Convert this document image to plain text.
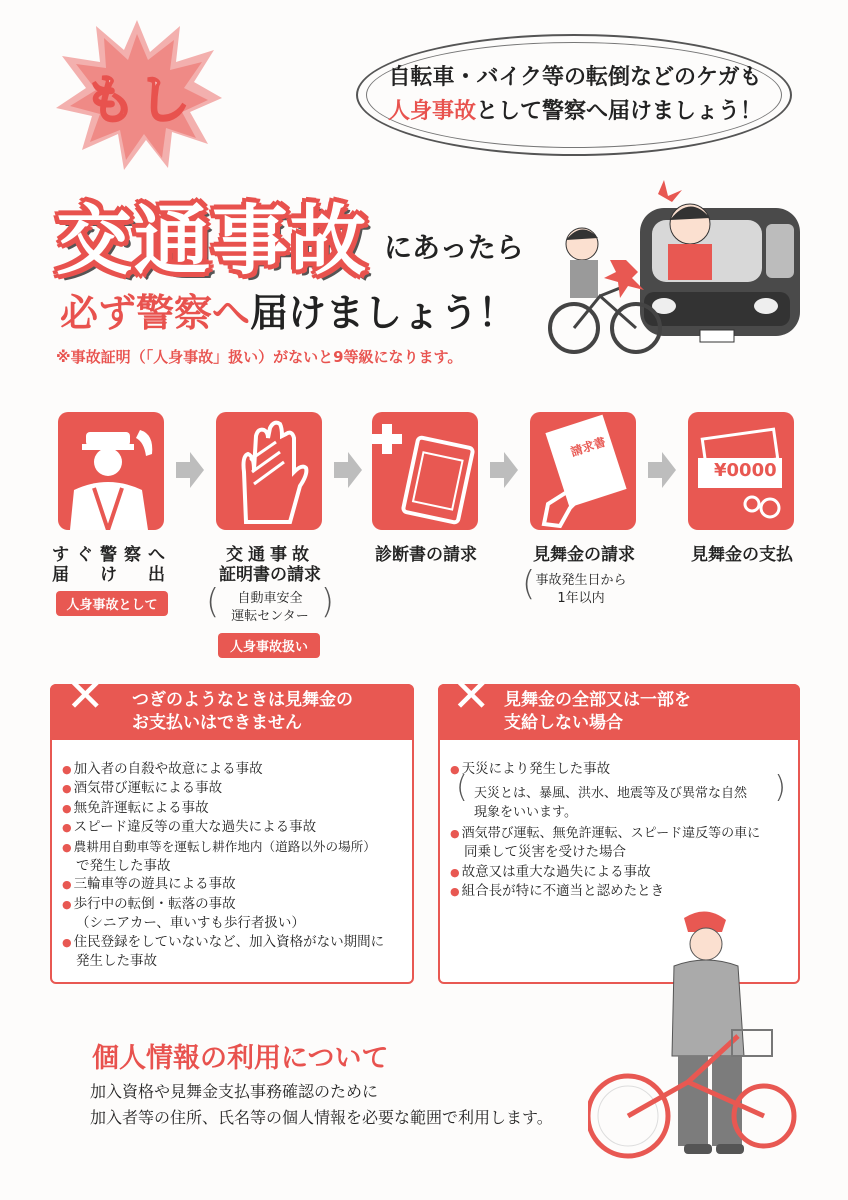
もし	自転車・バイク等の転倒などのケガも
人身事故として警察へ届けましょう！
交通事故 にあったら
必ず警察へ届けましょう！
※事故証明（「人身事故」扱い）がないと9等級になります。
請求書
¥0000
すぐ警察へ
届　け　出
人身事故として
交通事故
証明書の請求
(	自動車安全
運転センター )
人身事故扱い
診断書の請求	見舞金の請求
( 事故発生日から
1年以内
見舞金の支払
✕ つぎのようなときは見舞金の
お支払いはできません
● 加入者の自殺や故意による事故
● 酒気帯び運転による事故
● 無免許運転による事故
● スピード違反等の重大な過失による事故
● 農耕用自動車等を運転し耕作地内（道路以外の場所）
で発生した事故
● 三輪車等の遊具による事故
● 歩行中の転倒・転落の事故
（シニアカー、車いすも歩行者扱い）
● 住民登録をしていないなど、加入資格がない期間に
発生した事故
✕ 見舞金の全部又は一部を
支給しない場合
● 天災により発生した事故
( 天災とは、暴風、洪水、地震等及び異常な自然
現象をいいます。
)
● 酒気帯び運転、無免許運転、スピード違反等の車に
同乗して災害を受けた場合
● 故意又は重大な過失による事故
● 組合長が特に不適当と認めたとき
個人情報の利用について
加入資格や見舞金支払事務確認のために
加入者等の住所、氏名等の個人情報を必要な範囲で利用します。
